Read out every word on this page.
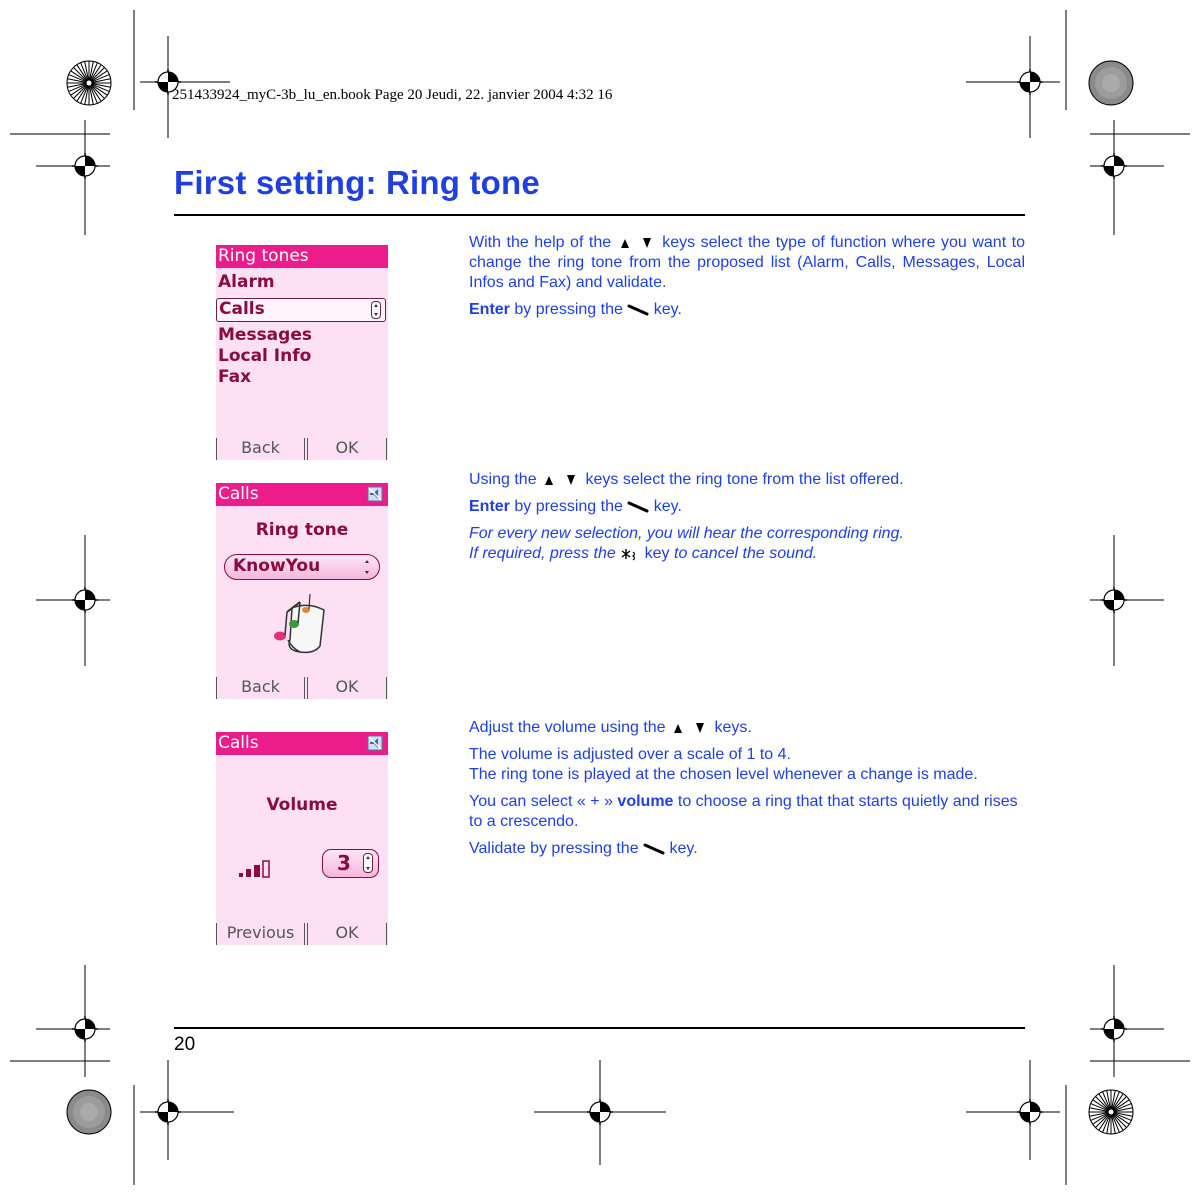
251433924_myC-3b_lu_en.book Page 20 Jeudi, 22. janvier 2004 4:32 16
First setting: Ring tone
Ring tones
Alarm
Calls
Messages
Local Info
Fax
Back	OK
Calls
Ring tone
KnowYou
Back	OK
Calls
Volume
3
Previous	OK

With the help of the	keys select the type of function where you want to change the ring tone from the proposed list (Alarm, Calls, Messages, Local Infos and Fax) and validate.

Enter by pressing the key.

Using the	keys select the ring tone from the list offered.

Enter by pressing the key.

For every new selection, you will hear the corresponding ring.
If required, press the key to cancel the sound.

Adjust the volume using the	keys.

The volume is adjusted over a scale of 1 to 4.
The ring tone is played at the chosen level whenever a change is made.

You can select « + » volume to choose a ring that that starts quietly and rises to a crescendo.

Validate by pressing the key.

20
